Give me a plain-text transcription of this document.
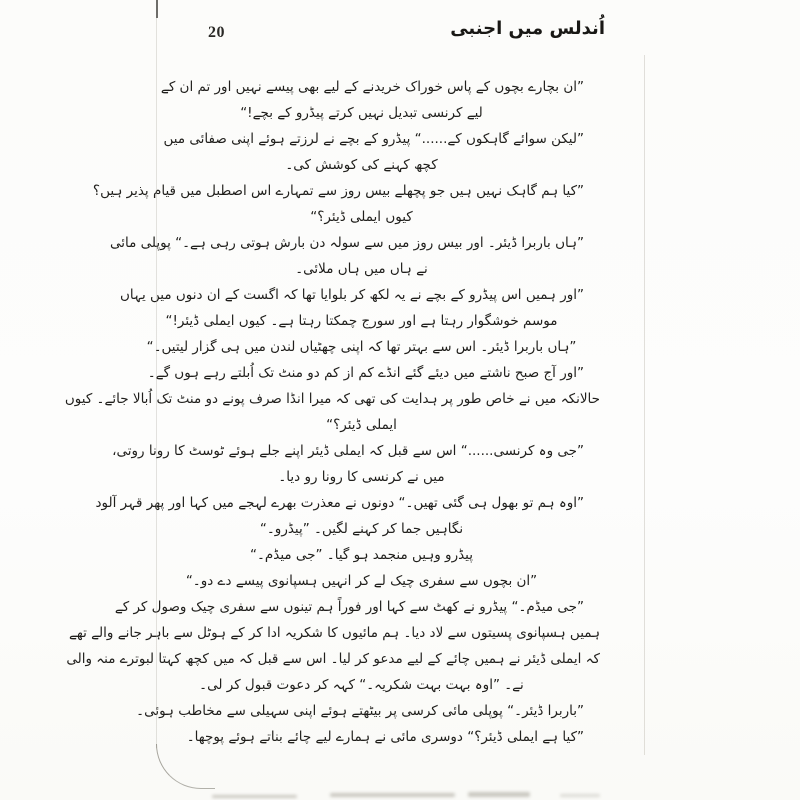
20	اُندلس میں اجنبی
”ان بچارے بچوں کے پاس خوراک خریدنے کے لیے بھی پیسے نہیں اور تم ان کے
لیے کرنسی تبدیل نہیں کرتے پیڈرو کے بچے!“
”لیکن سوائے گاہکوں کے......“ پیڈرو کے بچے نے لرزتے ہوئے اپنی صفائی میں
کچھ کہنے کی کوشش کی۔
”کیا ہم گاہک نہیں ہیں جو پچھلے بیس روز سے تمہارے اس اصطبل میں قیام پذیر ہیں؟
کیوں ایملی ڈیئر؟“
”ہاں باربرا ڈیئر۔ اور بیس روز میں سے سولہ دن بارش ہوتی رہی ہے۔“ پوپلی مائی
نے ہاں میں ہاں ملائی۔
”اور ہمیں اس پیڈرو کے بچے نے یہ لکھ کر بلوایا تھا کہ اگست کے ان دنوں میں یہاں
موسم خوشگوار رہتا ہے اور سورج چمکتا رہتا ہے۔ کیوں ایملی ڈیئر!“
”ہاں باربرا ڈیئر۔ اس سے بہتر تھا کہ اپنی چھٹیاں لندن میں ہی گزار لیتیں۔“
”اور آج صبح ناشتے میں دیئے گئے انڈے کم از کم دو منٹ تک اُبلتے رہے ہوں گے۔
حالانکہ میں نے خاص طور پر ہدایت کی تھی کہ میرا انڈا صرف پونے دو منٹ تک اُبالا جائے۔ کیوں
ایملی ڈیئر؟“
”جی وہ کرنسی......“ اس سے قبل کہ ایملی ڈیئر اپنے جلے ہوئے ٹوسٹ کا رونا روتی،
میں نے کرنسی کا رونا رو دیا۔
”اوہ ہم تو بھول ہی گئی تھیں۔“ دونوں نے معذرت بھرے لہجے میں کہا اور پھر قہر آلود
نگاہیں جما کر کہنے لگیں۔ ”پیڈرو۔“
پیڈرو وہیں منجمد ہو گیا۔ ”جی میڈم۔“
”ان بچوں سے سفری چیک لے کر انہیں ہسپانوی پیسے دے دو۔“
”جی میڈم۔“ پیڈرو نے کھٹ سے کہا اور فوراً ہم تینوں سے سفری چیک وصول کر کے
ہمیں ہسپانوی پسیتوں سے لاد دیا۔ ہم مائیوں کا شکریہ ادا کر کے ہوٹل سے باہر جانے والے تھے
کہ ایملی ڈیئر نے ہمیں چائے کے لیے مدعو کر لیا۔ اس سے قبل کہ میں کچھ کہتا لبوترے منہ والی
نے۔ ”اوہ بہت بہت شکریہ۔“ کہہ کر دعوت قبول کر لی۔
”باربرا ڈیئر۔“ پوپلی مائی کرسی پر بیٹھتے ہوئے اپنی سہیلی سے مخاطب ہوئی۔
”کیا ہے ایملی ڈیئر؟“ دوسری مائی نے ہمارے لیے چائے بناتے ہوئے پوچھا۔
